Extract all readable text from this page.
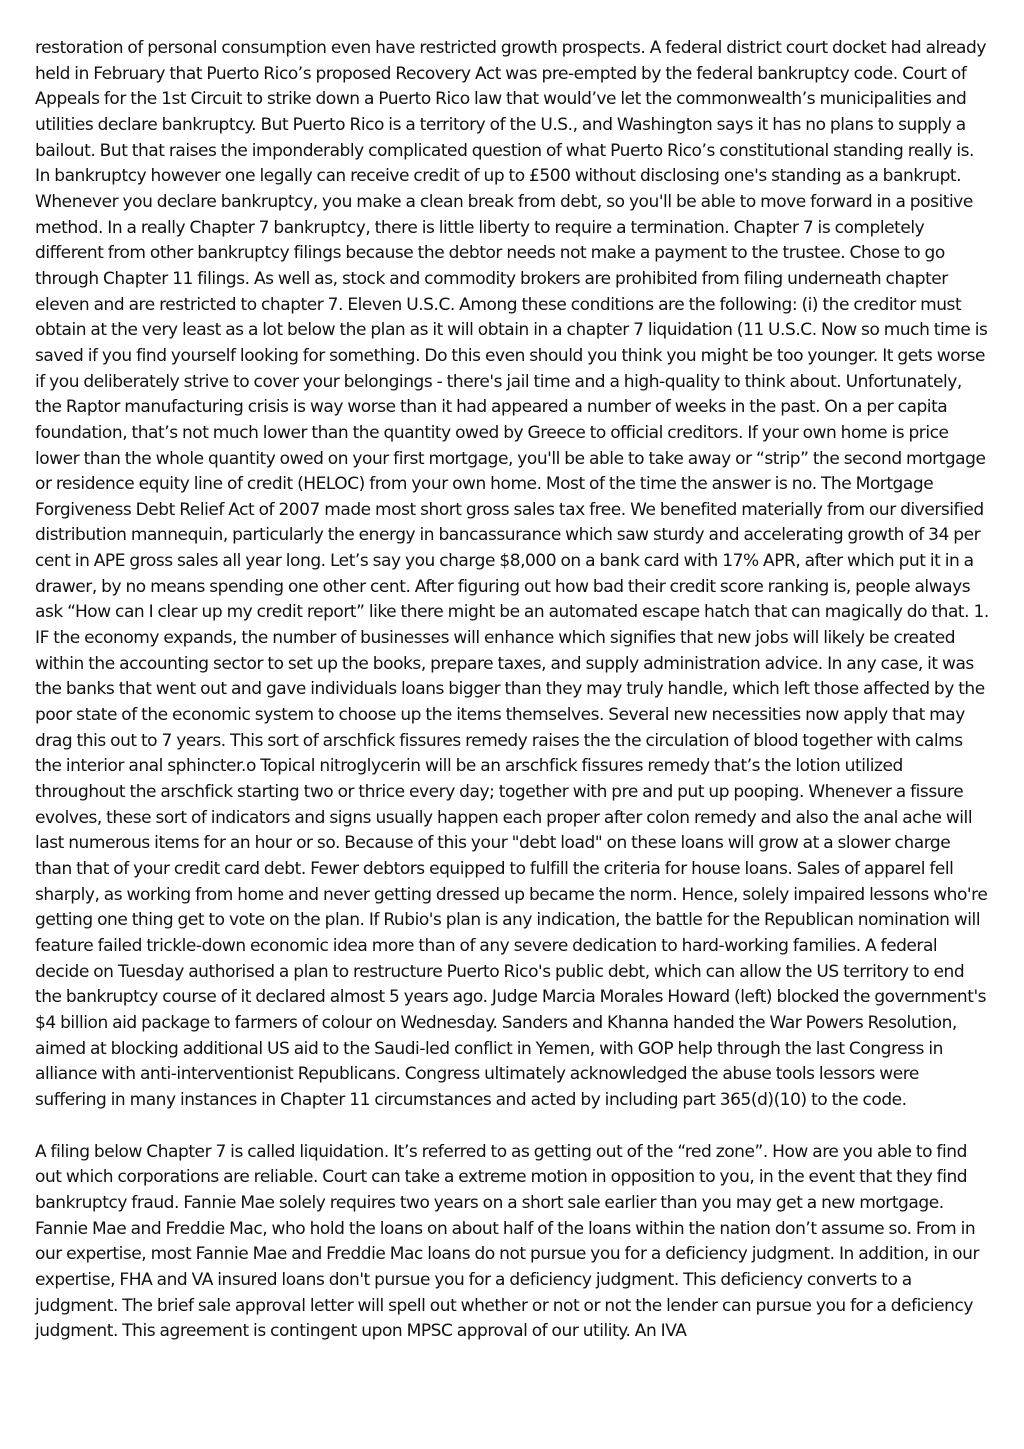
restoration of personal consumption even have restricted growth prospects. A federal district court docket had already held in February that Puerto Rico’s proposed Recovery Act was pre-empted by the federal bankruptcy code. Court of Appeals for the 1st Circuit to strike down a Puerto Rico law that would’ve let the commonwealth’s municipalities and utilities declare bankruptcy. But Puerto Rico is a territory of the U.S., and Washington says it has no plans to supply a bailout. But that raises the imponderably complicated question of what Puerto Rico’s constitutional standing really is. In bankruptcy however one legally can receive credit of up to £500 without disclosing one's standing as a bankrupt. Whenever you declare bankruptcy, you make a clean break from debt, so you'll be able to move forward in a positive method. In a really Chapter 7 bankruptcy, there is little liberty to require a termination. Chapter 7 is completely different from other bankruptcy filings because the debtor needs not make a payment to the trustee. Chose to go through Chapter 11 filings. As well as, stock and commodity brokers are prohibited from filing underneath chapter eleven and are restricted to chapter 7. Eleven U.S.C. Among these conditions are the following: (i) the creditor must obtain at the very least as a lot below the plan as it will obtain in a chapter 7 liquidation (11 U.S.C. Now so much time is saved if you find yourself looking for something. Do this even should you think you might be too younger. It gets worse if you deliberately strive to cover your belongings - there's jail time and a high-quality to think about. Unfortunately, the Raptor manufacturing crisis is way worse than it had appeared a number of weeks in the past. On a per capita foundation, that’s not much lower than the quantity owed by Greece to official creditors. If your own home is price lower than the whole quantity owed on your first mortgage, you'll be able to take away or “strip” the second mortgage or residence equity line of credit (HELOC) from your own home. Most of the time the answer is no. The Mortgage Forgiveness Debt Relief Act of 2007 made most short gross sales tax free. We benefited materially from our diversified distribution mannequin, particularly the energy in bancassurance which saw sturdy and accelerating growth of 34 per cent in APE gross sales all year long. Let’s say you charge $8,000 on a bank card with 17% APR, after which put it in a drawer, by no means spending one other cent. After figuring out how bad their credit score ranking is, people always ask “How can I clear up my credit report” like there might be an automated escape hatch that can magically do that. 1. IF the economy expands, the number of businesses will enhance which signifies that new jobs will likely be created within the accounting sector to set up the books, prepare taxes, and supply administration advice. In any case, it was the banks that went out and gave individuals loans bigger than they may truly handle, which left those affected by the poor state of the economic system to choose up the items themselves. Several new necessities now apply that may drag this out to 7 years. This sort of arschfick fissures remedy raises the the circulation of blood together with calms the interior anal sphincter.o Topical nitroglycerin will be an arschfick fissures remedy that’s the lotion utilized throughout the arschfick starting two or thrice every day; together with pre and put up pooping. Whenever a fissure evolves, these sort of indicators and signs usually happen each proper after colon remedy and also the anal ache will last numerous items for an hour or so. Because of this your "debt load" on these loans will grow at a slower charge than that of your credit card debt. Fewer debtors equipped to fulfill the criteria for house loans. Sales of apparel fell sharply, as working from home and never getting dressed up became the norm. Hence, solely impaired lessons who're getting one thing get to vote on the plan. If Rubio's plan is any indication, the battle for the Republican nomination will feature failed trickle-down economic idea more than of any severe dedication to hard-working families. A federal decide on Tuesday authorised a plan to restructure Puerto Rico's public debt, which can allow the US territory to end the bankruptcy course of it declared almost 5 years ago. Judge Marcia Morales Howard (left) blocked the government's $4 billion aid package to farmers of colour on Wednesday. Sanders and Khanna handed the War Powers Resolution, aimed at blocking additional US aid to the Saudi-led conflict in Yemen, with GOP help through the last Congress in alliance with anti-interventionist Republicans. Congress ultimately acknowledged the abuse tools lessors were suffering in many instances in Chapter 11 circumstances and acted by including part 365(d)(10) to the code.

A filing below Chapter 7 is called liquidation. It’s referred to as getting out of the “red zone”. How are you able to find out which corporations are reliable. Court can take a extreme motion in opposition to you, in the event that they find bankruptcy fraud. Fannie Mae solely requires two years on a short sale earlier than you may get a new mortgage. Fannie Mae and Freddie Mac, who hold the loans on about half of the loans within the nation don’t assume so. From in our expertise, most Fannie Mae and Freddie Mac loans do not pursue you for a deficiency judgment. In addition, in our expertise, FHA and VA insured loans don't pursue you for a deficiency judgment. This deficiency converts to a judgment. The brief sale approval letter will spell out whether or not or not the lender can pursue you for a deficiency judgment. This agreement is contingent upon MPSC approval of our utility. An IVA
